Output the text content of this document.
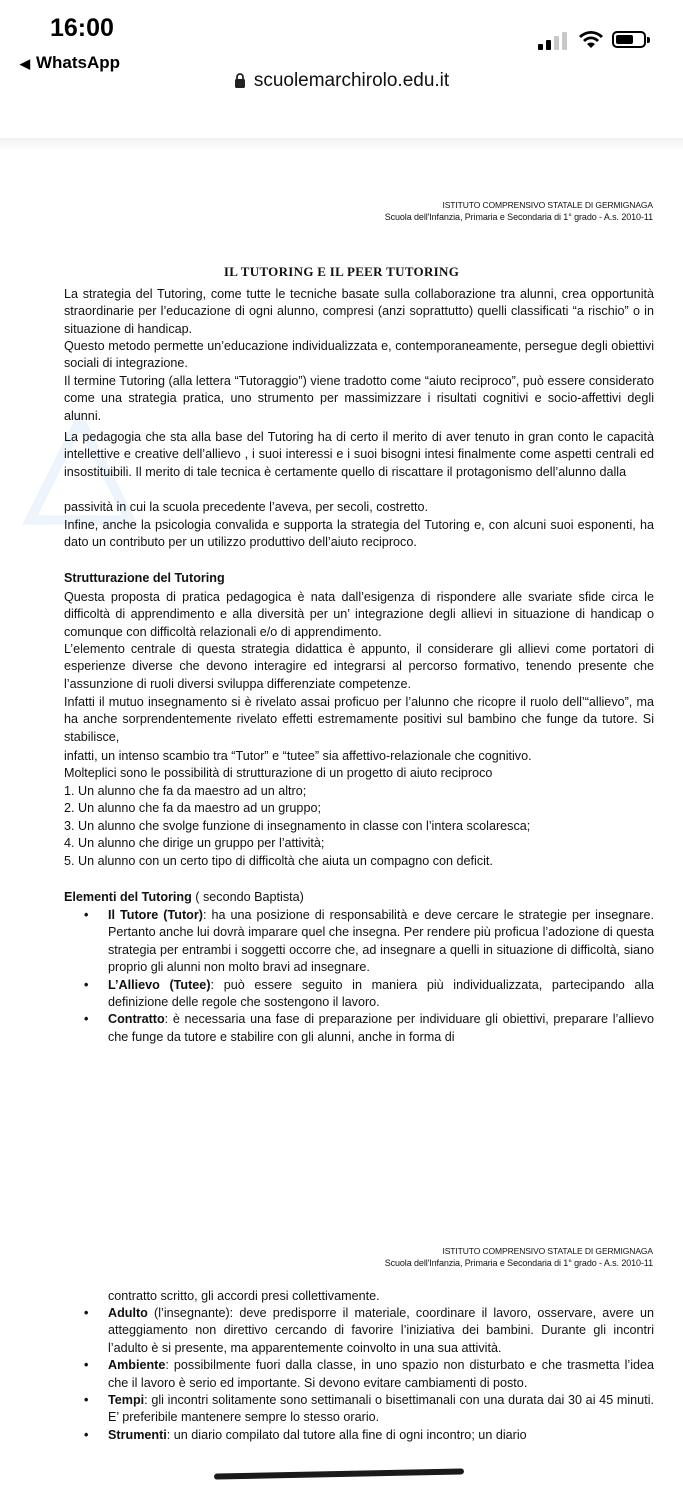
16:00
◀ WhatsApp
scuolemarchirolo.edu.it
ISTITUTO COMPRENSIVO STATALE DI GERMIGNAGA
Scuola dell'Infanzia, Primaria e Secondaria di 1° grado - A.s. 2010-11
IL TUTORING E IL PEER TUTORING

La strategia del Tutoring, come tutte le tecniche basate sulla collaborazione tra alunni, crea opportunità straordinarie per l’educazione di ogni alunno, compresi (anzi soprattutto) quelli classificati “a rischio” o in situazione di handicap.

Questo metodo permette un’educazione individualizzata e, contemporaneamente, persegue degli obiettivi sociali di integrazione.

Il termine Tutoring (alla lettera “Tutoraggio”) viene tradotto come “aiuto reciproco”, può essere considerato come una strategia pratica, uno strumento per massimizzare i risultati cognitivi e socio-affettivi degli alunni.

La pedagogia che sta alla base del Tutoring ha di certo il merito di aver tenuto in gran conto le capacità intellettive e creative dell’allievo , i suoi interessi e i suoi bisogni intesi finalmente come aspetti centrali ed insostituibili. Il merito di tale tecnica è certamente quello di riscattare il protagonismo dell’alunno dalla

passività in cui la scuola precedente l’aveva, per secoli, costretto.

Infine, anche la psicologia convalida e supporta la strategia del Tutoring e, con alcuni suoi esponenti, ha dato un contributo per un utilizzo produttivo dell’aiuto reciproco.

Strutturazione del Tutoring

Questa proposta di pratica pedagogica è nata dall’esigenza di rispondere alle svariate sfide circa le difficoltà di apprendimento e alla diversità per un’ integrazione degli allievi in situazione di handicap o comunque con difficoltà relazionali e/o di apprendimento.

L’elemento centrale di questa strategia didattica è appunto, il considerare gli allievi come portatori di esperienze diverse che devono interagire ed integrarsi al percorso formativo, tenendo presente che l’assunzione di ruoli diversi sviluppa differenziate competenze.

Infatti il mutuo insegnamento si è rivelato assai proficuo per l’alunno che ricopre il ruolo dell’“allievo”, ma ha anche sorprendentemente rivelato effetti estremamente positivi sul bambino che funge da tutore. Si stabilisce,

infatti, un intenso scambio tra “Tutor” e “tutee” sia affettivo-relazionale che cognitivo.

Molteplici sono le possibilità di strutturazione di un progetto di aiuto reciproco

1. Un alunno che fa da maestro ad un altro;
2. Un alunno che fa da maestro ad un gruppo;
3. Un alunno che svolge funzione di insegnamento in classe con l’intera scolaresca;
4. Un alunno che dirige un gruppo per l’attività;
5. Un alunno con un certo tipo di difficoltà che aiuta un compagno con deficit.
Elementi del Tutoring ( secondo Baptista)
• Il Tutore (Tutor): ha una posizione di responsabilità e deve cercare le strategie per insegnare. Pertanto anche lui dovrà imparare quel che insegna. Per rendere più proficua l’adozione di questa strategia per entrambi i soggetti occorre che, ad insegnare a quelli in situazione di difficoltà, siano proprio gli alunni non molto bravi ad insegnare.
• L’Allievo (Tutee): può essere seguito in maniera più individualizzata, partecipando alla definizione delle regole che sostengono il lavoro.
• Contratto: è necessaria una fase di preparazione per individuare gli obiettivi, preparare l’allievo che funge da tutore e stabilire con gli alunni, anche in forma di
ISTITUTO COMPRENSIVO STATALE DI GERMIGNAGA
Scuola dell'Infanzia, Primaria e Secondaria di 1° grado - A.s. 2010-11

contratto scritto, gli accordi presi collettivamente.

• Adulto (l’insegnante): deve predisporre il materiale, coordinare il lavoro, osservare, avere un atteggiamento non direttivo cercando di favorire l’iniziativa dei bambini. Durante gli incontri l’adulto è si presente, ma apparentemente coinvolto in una sua attività.
• Ambiente: possibilmente fuori dalla classe, in uno spazio non disturbato e che trasmetta l’idea che il lavoro è serio ed importante. Si devono evitare cambiamenti di posto.
• Tempi: gli incontri solitamente sono settimanali o bisettimanali con una durata dai 30 ai 45 minuti. E’ preferibile mantenere sempre lo stesso orario.
• Strumenti: un diario compilato dal tutore alla fine di ogni incontro; un diario
